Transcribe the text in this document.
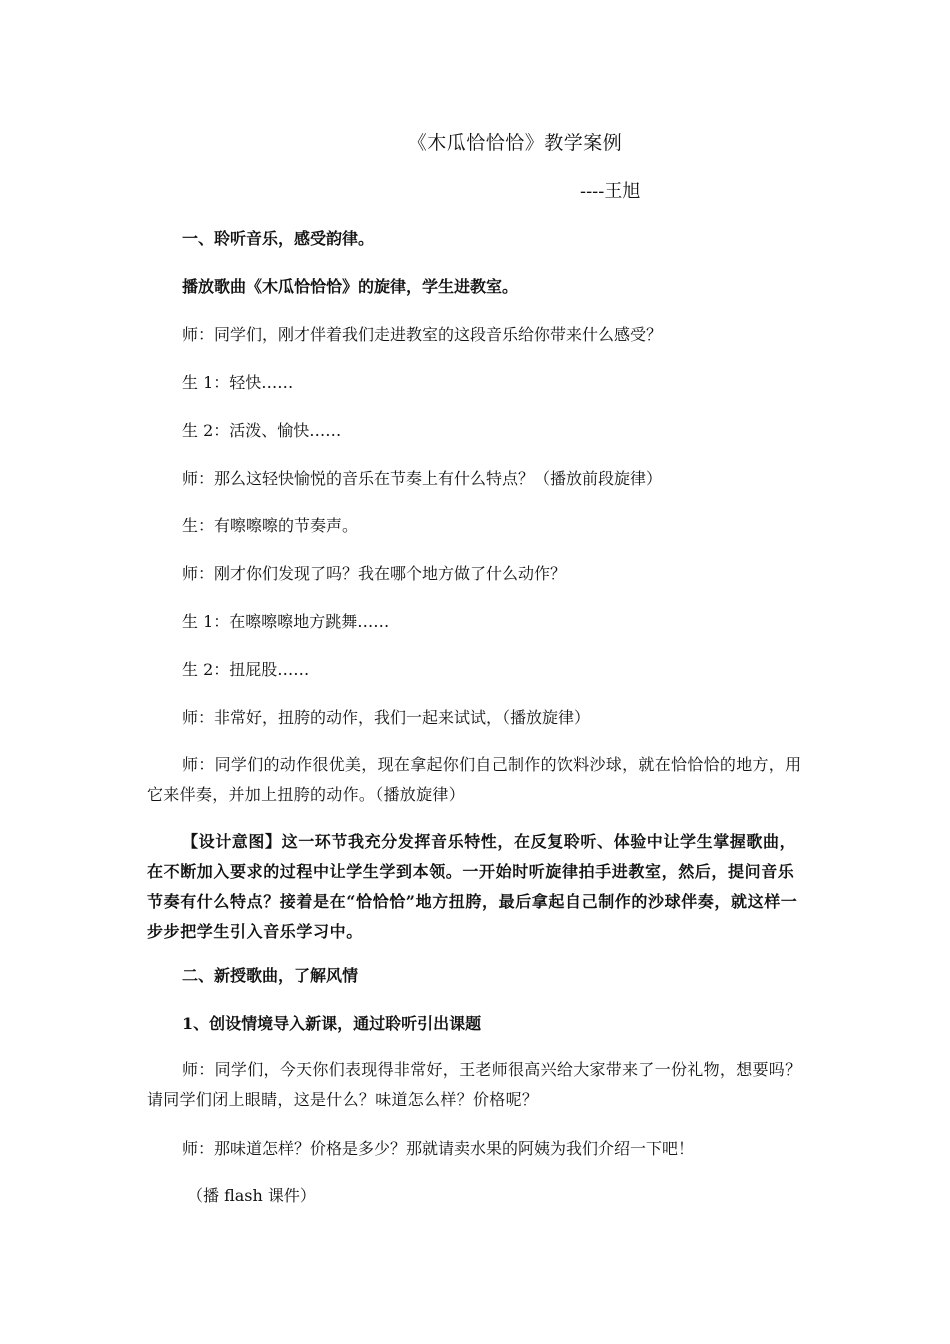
《木瓜恰恰恰》教学案例

----王旭

一、聆听音乐，感受韵律。

播放歌曲《木瓜恰恰恰》的旋律，学生进教室。

师：同学们，刚才伴着我们走进教室的这段音乐给你带来什么感受？

生 1：轻快……

生 2：活泼、愉快……

师：那么这轻快愉悦的音乐在节奏上有什么特点？（播放前段旋律）

生：有嚓嚓嚓的节奏声。

师：刚才你们发现了吗？我在哪个地方做了什么动作？

生 1：在嚓嚓嚓地方跳舞……

生 2：扭屁股……

师：非常好，扭胯的动作，我们一起来试试，（播放旋律）

师：同学们的动作很优美，现在拿起你们自己制作的饮料沙球，就在恰恰恰的地方，用它来伴奏，并加上扭胯的动作。（播放旋律）

【设计意图】这一环节我充分发挥音乐特性，在反复聆听、体验中让学生掌握歌曲，在不断加入要求的过程中让学生学到本领。一开始时听旋律拍手进教室，然后，提问音乐节奏有什么特点？接着是在“恰恰恰”地方扭胯，最后拿起自己制作的沙球伴奏，就这样一步步把学生引入音乐学习中。

二、新授歌曲，了解风情

1、创设情境导入新课，通过聆听引出课题

师：同学们，今天你们表现得非常好，王老师很高兴给大家带来了一份礼物，想要吗？请同学们闭上眼睛，这是什么？味道怎么样？价格呢？

师：那味道怎样？价格是多少？那就请卖水果的阿姨为我们介绍一下吧！

（播 flash 课件）
